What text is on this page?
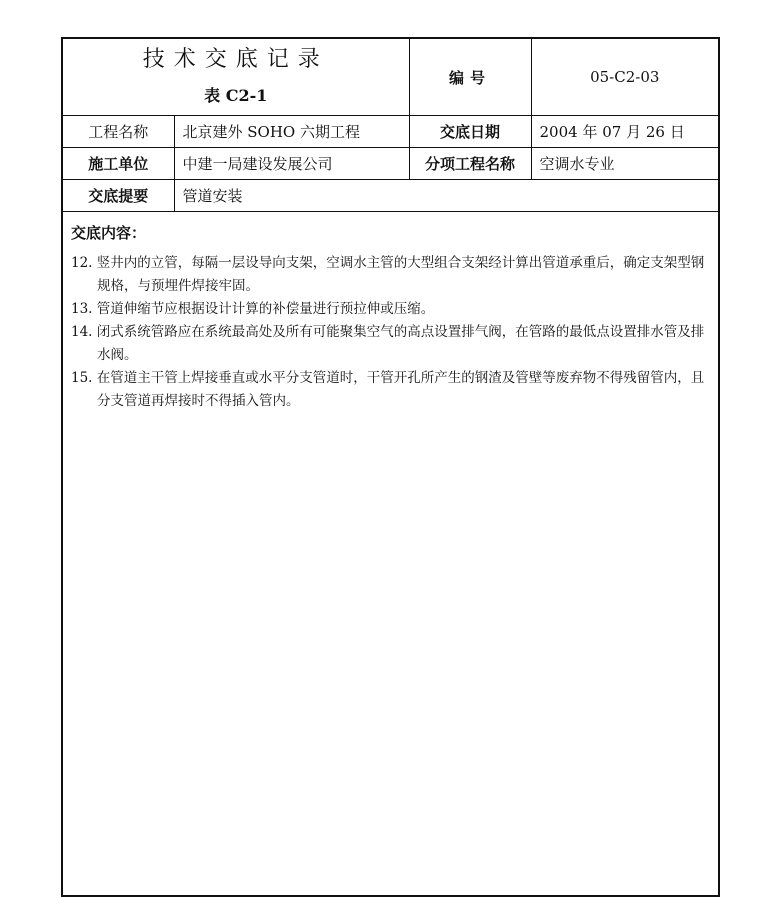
技术交底记录
表 C2-1		编号	05-C2-03
工程名称	北京建外 SOHO 六期工程	交底日期	2004 年 07 月 26 日
施工单位	中建一局建设发展公司	分项工程名称	空调水专业
交底提要	管道安装		
交底内容：
12. 竖井内的立管，每隔一层设导向支架，空调水主管的大型组合支架经计算出管道承重后，确定支架型钢规格，与预埋件焊接牢固。
13. 管道伸缩节应根据设计计算的补偿量进行预拉伸或压缩。
14. 闭式系统管路应在系统最高处及所有可能聚集空气的高点设置排气阀，在管路的最低点设置排水管及排水阀。
15. 在管道主干管上焊接垂直或水平分支管道时，干管开孔所产生的钢渣及管壁等废弃物不得残留管内，且分支管道再焊接时不得插入管内。
